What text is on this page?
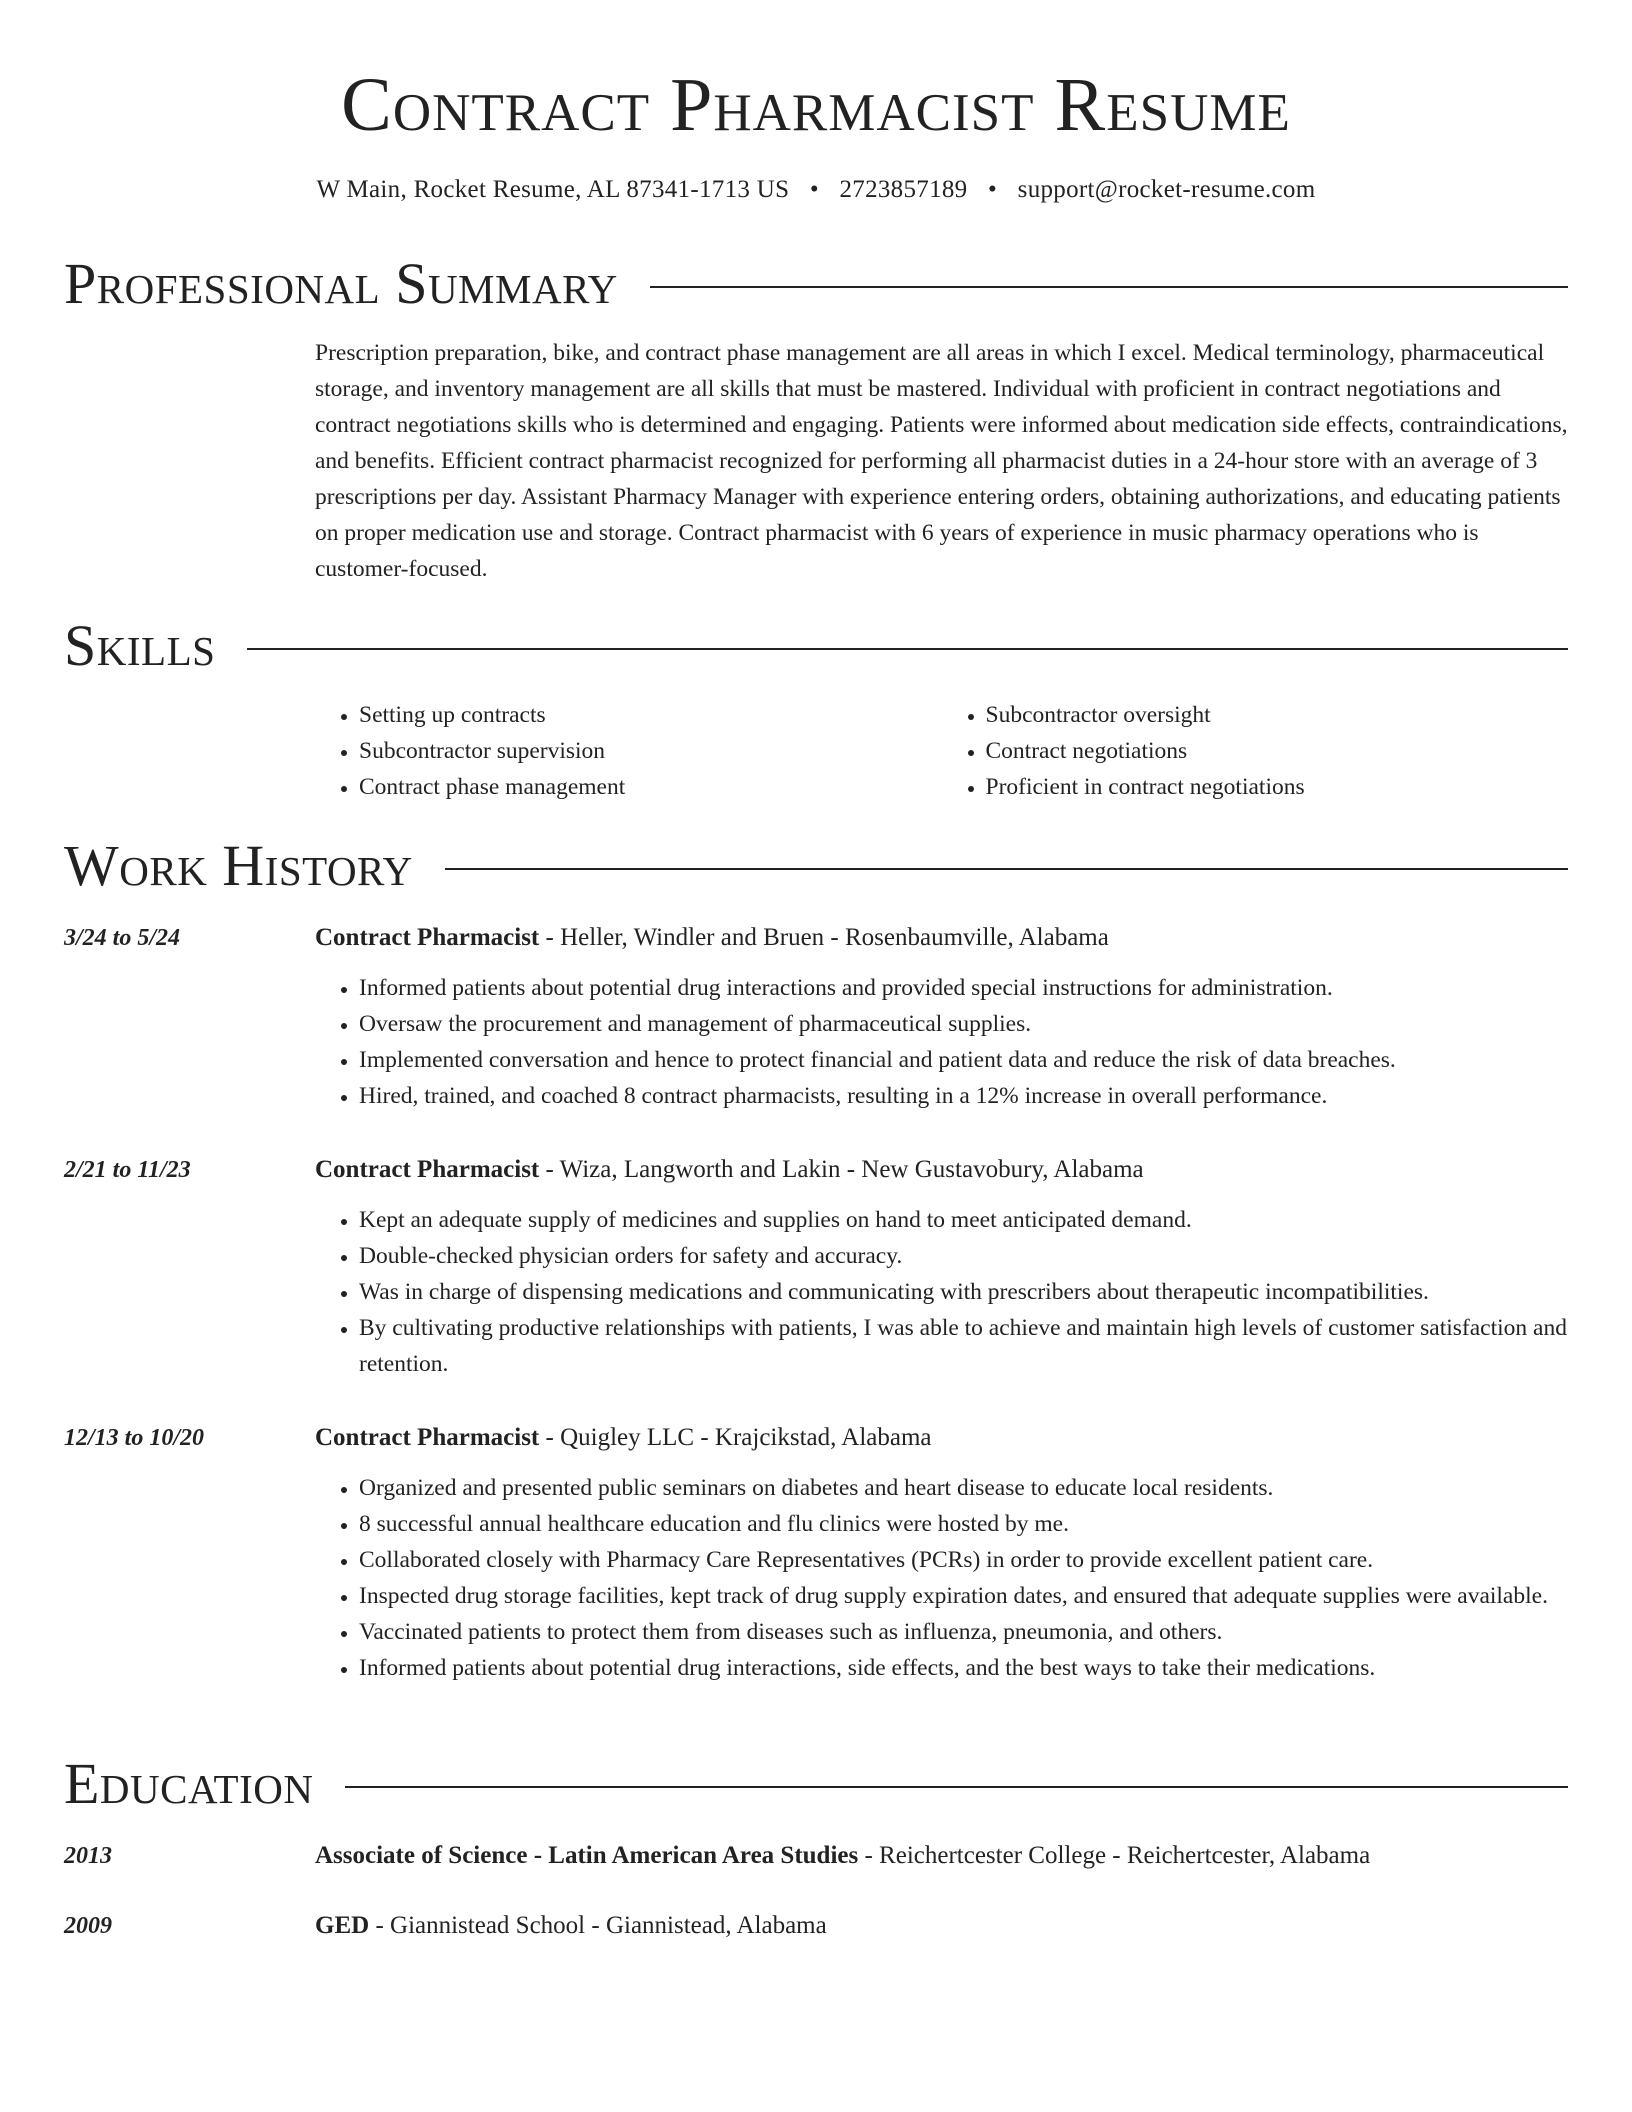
Contract Pharmacist Resume
W Main, Rocket Resume, AL 87341-1713 US • 2723857189 • support@rocket-resume.com
Professional Summary
Prescription preparation, bike, and contract phase management are all areas in which I excel. Medical terminology, pharmaceutical storage, and inventory management are all skills that must be mastered. Individual with proficient in contract negotiations and contract negotiations skills who is determined and engaging. Patients were informed about medication side effects, contraindications, and benefits. Efficient contract pharmacist recognized for performing all pharmacist duties in a 24-hour store with an average of 3 prescriptions per day. Assistant Pharmacy Manager with experience entering orders, obtaining authorizations, and educating patients on proper medication use and storage. Contract pharmacist with 6 years of experience in music pharmacy operations who is customer-focused.
Skills
• Setting up contracts
• Subcontractor supervision
• Contract phase management
• Subcontractor oversight
• Contract negotiations
• Proficient in contract negotiations
Work History
3/24 to 5/24	Contract Pharmacist - Heller, Windler and Bruen - Rosenbaumville, Alabama
• Informed patients about potential drug interactions and provided special instructions for administration.
• Oversaw the procurement and management of pharmaceutical supplies.
• Implemented conversation and hence to protect financial and patient data and reduce the risk of data breaches.
• Hired, trained, and coached 8 contract pharmacists, resulting in a 12% increase in overall performance.
2/21 to 11/23	Contract Pharmacist - Wiza, Langworth and Lakin - New Gustavobury, Alabama
• Kept an adequate supply of medicines and supplies on hand to meet anticipated demand.
• Double-checked physician orders for safety and accuracy.
• Was in charge of dispensing medications and communicating with prescribers about therapeutic incompatibilities.
• By cultivating productive relationships with patients, I was able to achieve and maintain high levels of customer satisfaction and retention.
12/13 to 10/20	Contract Pharmacist - Quigley LLC - Krajcikstad, Alabama
• Organized and presented public seminars on diabetes and heart disease to educate local residents.
• 8 successful annual healthcare education and flu clinics were hosted by me.
• Collaborated closely with Pharmacy Care Representatives (PCRs) in order to provide excellent patient care.
• Inspected drug storage facilities, kept track of drug supply expiration dates, and ensured that adequate supplies were available.
• Vaccinated patients to protect them from diseases such as influenza, pneumonia, and others.
• Informed patients about potential drug interactions, side effects, and the best ways to take their medications.
Education
2013	Associate of Science - Latin American Area Studies - Reichertcester College - Reichertcester, Alabama
2009	GED - Giannistead School - Giannistead, Alabama
